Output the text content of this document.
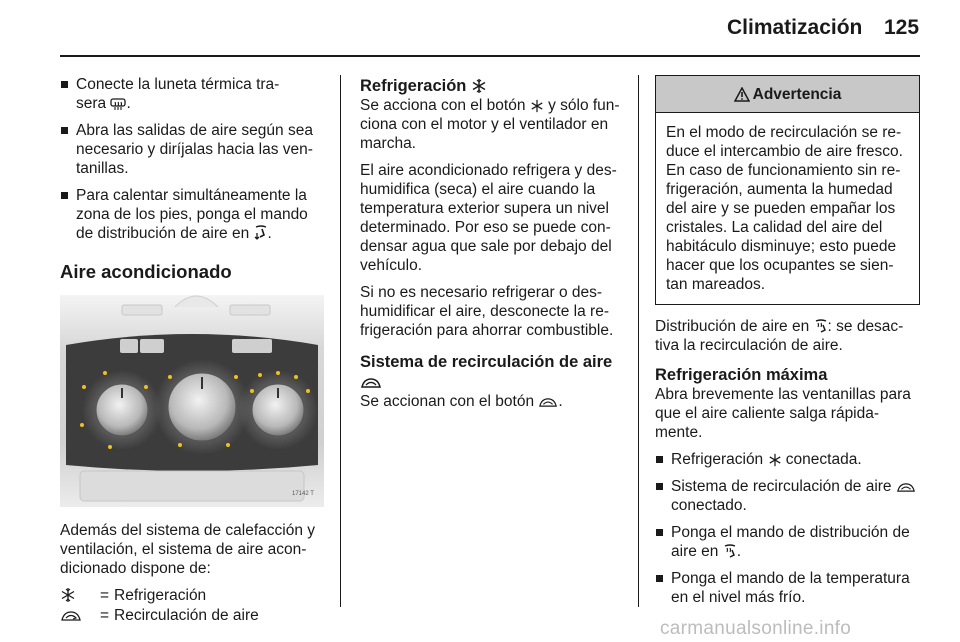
Climatización 125
Conecte la luneta térmica tra-
sera .
Abra las salidas de aire según sea necesario y diríjalas hacia las ven-tanillas.
Para calentar simultáneamente la zona de los pies, ponga el mando de distribución de aire en .
Aire acondicionado
17142 T
Además del sistema de calefacción y ventilación, el sistema de aire acon-dicionado dispone de:
= Refrigeración
= Recirculación de aire
Refrigeración
Se acciona con el botón  y sólo fun-ciona con el motor y el ventilador en marcha.
El aire acondicionado refrigera y des-humidifica (seca) el aire cuando la temperatura exterior supera un nivel determinado. Por eso se puede con-densar agua que sale por debajo del vehículo.
Si no es necesario refrigerar o des-humidificar el aire, desconecte la re-frigeración para ahorrar combustible.
Sistema de recirculación de aire
Se accionan con el botón .
Advertencia
En el modo de recirculación se re-duce el intercambio de aire fresco. En caso de funcionamiento sin re-frigeración, aumenta la humedad del aire y se pueden empañar los cristales. La calidad del aire del habitáculo disminuye; esto puede hacer que los ocupantes se sien-tan mareados.
Distribución de aire en : se desac-tiva la recirculación de aire.
Refrigeración máxima
Abra brevemente las ventanillas para que el aire caliente salga rápida-mente.
Refrigeración  conectada.
Sistema de recirculación de aire  conectado.
Ponga el mando de distribución de aire en .
Ponga el mando de la temperatura en el nivel más frío.
carmanualsonline.info
